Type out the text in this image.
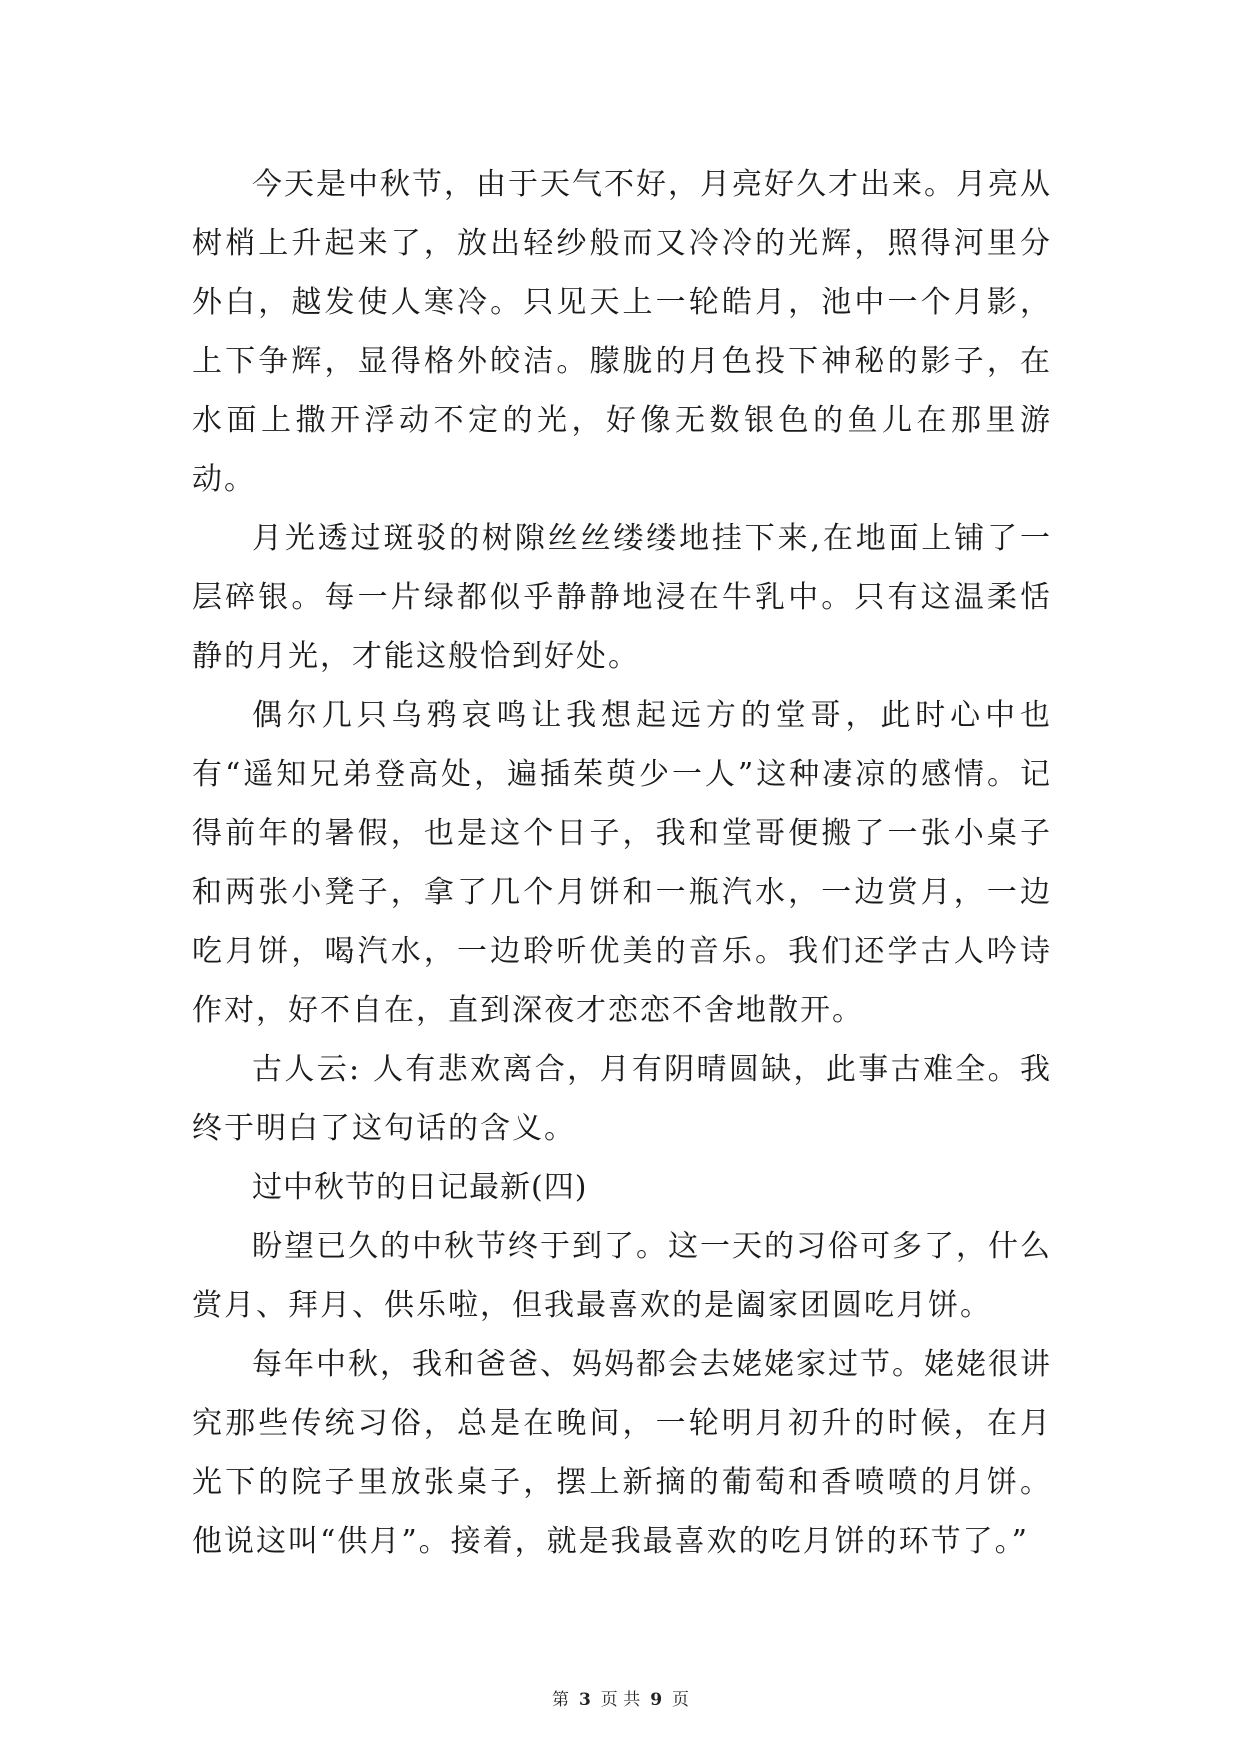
今天是中秋节，由于天气不好，月亮好久才出来。月亮从树梢上升起来了，放出轻纱般而又冷冷的光辉，照得河里分外白，越发使人寒冷。只见天上一轮皓月，池中一个月影，上下争辉，显得格外皎洁。朦胧的月色投下神秘的影子，在水面上撒开浮动不定的光，好像无数银色的鱼儿在那里游动。

月光透过斑驳的树隙丝丝缕缕地挂下来,在地面上铺了一层碎银。每一片绿都似乎静静地浸在牛乳中。只有这温柔恬静的月光，才能这般恰到好处。

偶尔几只乌鸦哀鸣让我想起远方的堂哥，此时心中也有“遥知兄弟登高处，遍插茱萸少一人”这种凄凉的感情。记得前年的暑假，也是这个日子，我和堂哥便搬了一张小桌子和两张小凳子，拿了几个月饼和一瓶汽水，一边赏月，一边吃月饼，喝汽水，一边聆听优美的音乐。我们还学古人吟诗作对，好不自在，直到深夜才恋恋不舍地散开。

古人云: 人有悲欢离合，月有阴晴圆缺，此事古难全。我终于明白了这句话的含义。

过中秋节的日记最新(四)

盼望已久的中秋节终于到了。这一天的习俗可多了，什么赏月、拜月、供乐啦，但我最喜欢的是阖家团圆吃月饼。

每年中秋，我和爸爸、妈妈都会去姥姥家过节。姥姥很讲究那些传统习俗，总是在晚间，一轮明月初升的时候，在月光下的院子里放张桌子，摆上新摘的葡萄和香喷喷的月饼。他说这叫“供月”。接着，就是我最喜欢的吃月饼的环节了。”

第 3 页 共 9 页
